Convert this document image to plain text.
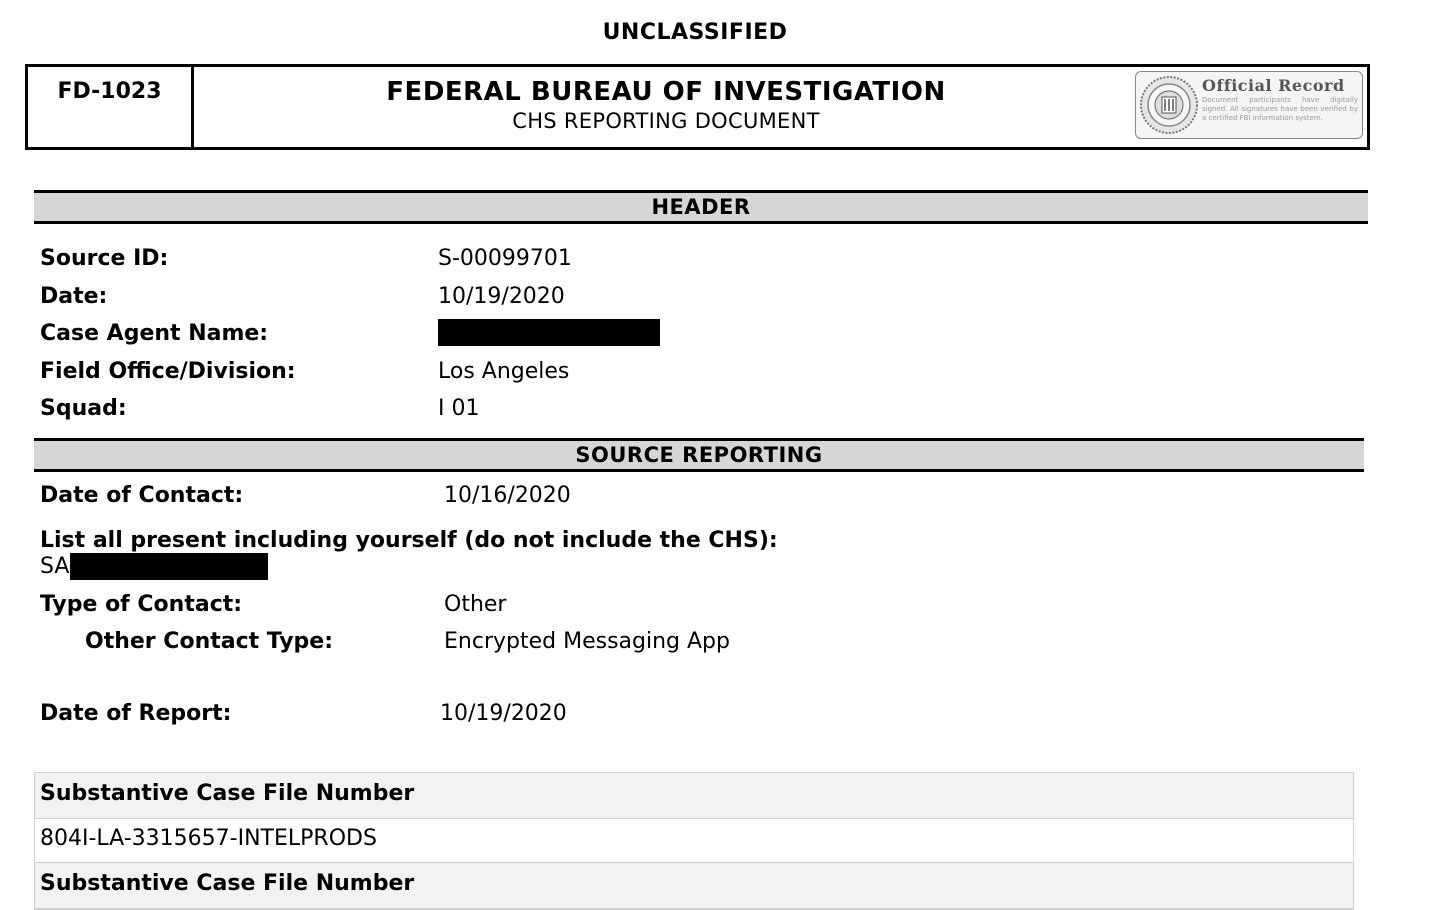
UNCLASSIFIED
FD-1023	FEDERAL BUREAU OF INVESTIGATION
CHS REPORTING DOCUMENT
Official Record
Document participants have digitally signed. All signatures have been verified by a certified FBI information system.
HEADER
Source ID:	S-00099701
Date:	10/19/2020
Case Agent Name:
Field Office/Division:	Los Angeles
Squad:	I 01
SOURCE REPORTING
Date of Contact:	10/16/2020
List all present including yourself (do not include the CHS):
SA
Type of Contact:	Other
Other Contact Type:	Encrypted Messaging App
Date of Report:	10/19/2020
Substantive Case File Number
804I-LA-3315657-INTELPRODS
Substantive Case File Number
